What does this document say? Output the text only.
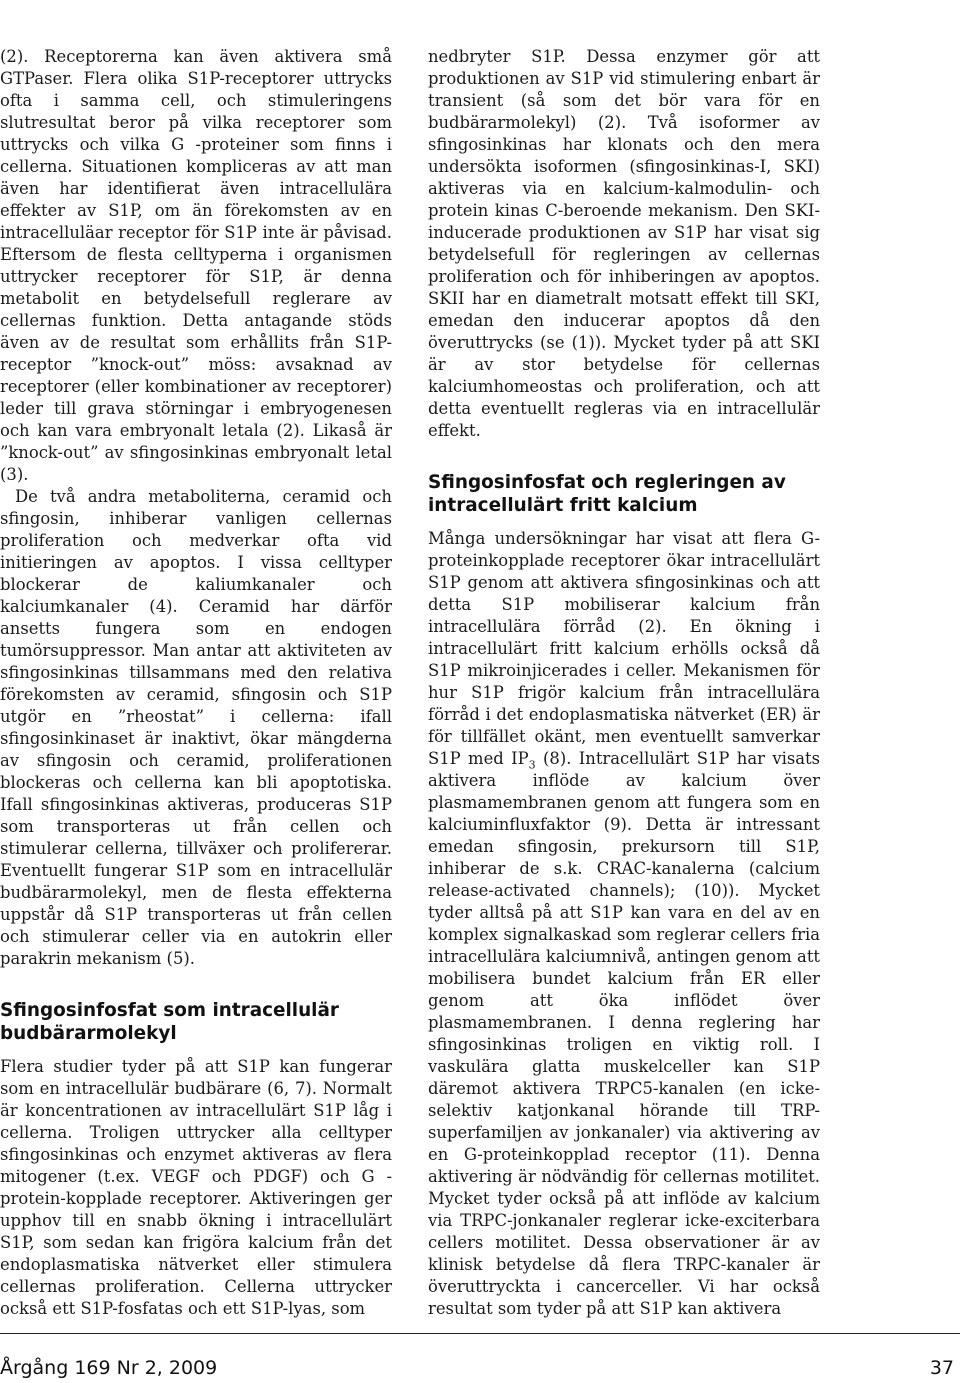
(2). Receptorerna kan även aktivera små GTPaser. Flera olika S1P-receptorer uttrycks ofta i samma cell, och stimuleringens slutresultat beror på vilka receptorer som uttrycks och vilka G -proteiner som finns i cellerna. Situationen kompliceras av att man även har identifierat även intracellulära effekter av S1P, om än förekomsten av en intracelluläar receptor för S1P inte är påvisad. Eftersom de flesta celltyperna i organismen uttrycker receptorer för S1P, är denna metabolit en betydelsefull reglerare av cellernas funktion. Detta antagande stöds även av de resultat som erhållits från S1P-receptor ”knock-out” möss: avsaknad av receptorer (eller kombinationer av receptorer) leder till grava störningar i embryogenesen och kan vara embryonalt letala (2). Likaså är ”knock-out” av sfingosinkinas embryonalt letal (3).

De två andra metaboliterna, ceramid och sfingosin, inhiberar vanligen cellernas proliferation och medverkar ofta vid initieringen av apoptos. I vissa celltyper blockerar de kaliumkanaler och kalciumkanaler (4). Ceramid har därför ansetts fungera som en endogen tumörsuppressor. Man antar att aktiviteten av sfingosinkinas tillsammans med den relativa förekomsten av ceramid, sfingosin och S1P utgör en ”rheostat” i cellerna: ifall sfingosinkinaset är inaktivt, ökar mängderna av sfingosin och ceramid, proliferationen blockeras och cellerna kan bli apoptotiska. Ifall sfingosinkinas aktiveras, produceras S1P som transporteras ut från cellen och stimulerar cellerna, tillväxer och prolifererar. Eventuellt fungerar S1P som en intracellulär budbärarmolekyl, men de flesta effekterna uppstår då S1P transporteras ut från cellen och stimulerar celler via en autokrin eller parakrin mekanism (5).

Sfingosinfosfat som intracellulär budbärarmolekyl

Flera studier tyder på att S1P kan fungerar som en intracellulär budbärare (6, 7). Normalt är koncentrationen av intracellulärt S1P låg i cellerna. Troligen uttrycker alla celltyper sfingosinkinas och enzymet aktiveras av flera mitogener (t.ex. VEGF och PDGF) och G -protein-kopplade receptorer. Aktiveringen ger upphov till en snabb ökning i intracellulärt S1P, som sedan kan frigöra kalcium från det endoplasmatiska nätverket eller stimulera cellernas proliferation. Cellerna uttrycker också ett S1P-fosfatas och ett S1P-lyas, som

nedbryter S1P. Dessa enzymer gör att produktionen av S1P vid stimulering enbart är transient (så som det bör vara för en budbärarmolekyl) (2). Två isoformer av sfingosinkinas har klonats och den mera undersökta isoformen (sfingosinkinas-I, SKI) aktiveras via en kalcium-kalmodulin- och protein kinas C-beroende mekanism. Den SKI-inducerade produktionen av S1P har visat sig betydelsefull för regleringen av cellernas proliferation och för inhiberingen av apoptos. SKII har en diametralt motsatt effekt till SKI, emedan den inducerar apoptos då den överuttrycks (se (1)). Mycket tyder på att SKI är av stor betydelse för cellernas kalciumhomeostas och proliferation, och att detta eventuellt regleras via en intracellulär effekt.

Sfingosinfosfat och regleringen av intracellulärt fritt kalcium

Många undersökningar har visat att flera G-proteinkopplade receptorer ökar intracellulärt S1P genom att aktivera sfingosinkinas och att detta S1P mobiliserar kalcium från intracellulära förråd (2). En ökning i intracellulärt fritt kalcium erhölls också då S1P mikroinjicerades i celler. Mekanismen för hur S1P frigör kalcium från intracellulära förråd i det endoplasmatiska nätverket (ER) är för tillfället okänt, men eventuellt samverkar S1P med $IP_3$ (8). Intracellulärt S1P har visats aktivera inflöde av kalcium över plasmamembranen genom att fungera som en kalciuminfluxfaktor (9). Detta är intressant emedan sfingosin, prekursorn till S1P, inhiberar de s.k. CRAC-kanalerna (calcium release-activated channels); (10)). Mycket tyder alltså på att S1P kan vara en del av en komplex signalkaskad som reglerar cellers fria intracellulära kalciumnivå, antingen genom att mobilisera bundet kalcium från ER eller genom att öka inflödet över plasmamembranen. I denna reglering har sfingosinkinas troligen en viktig roll. I vaskulära glatta muskelceller kan S1P däremot aktivera TRPC5-kanalen (en icke-selektiv katjonkanal hörande till TRP-superfamiljen av jonkanaler) via aktivering av en G-proteinkopplad receptor (11). Denna aktivering är nödvändig för cellernas motilitet. Mycket tyder också på att inflöde av kalcium via TRPC-jonkanaler reglerar icke-exciterbara cellers motilitet. Dessa observationer är av klinisk betydelse då flera TRPC-kanaler är överuttryckta i cancerceller. Vi har också resultat som tyder på att S1P kan aktivera

Årgång 169 Nr 2, 2009	37
